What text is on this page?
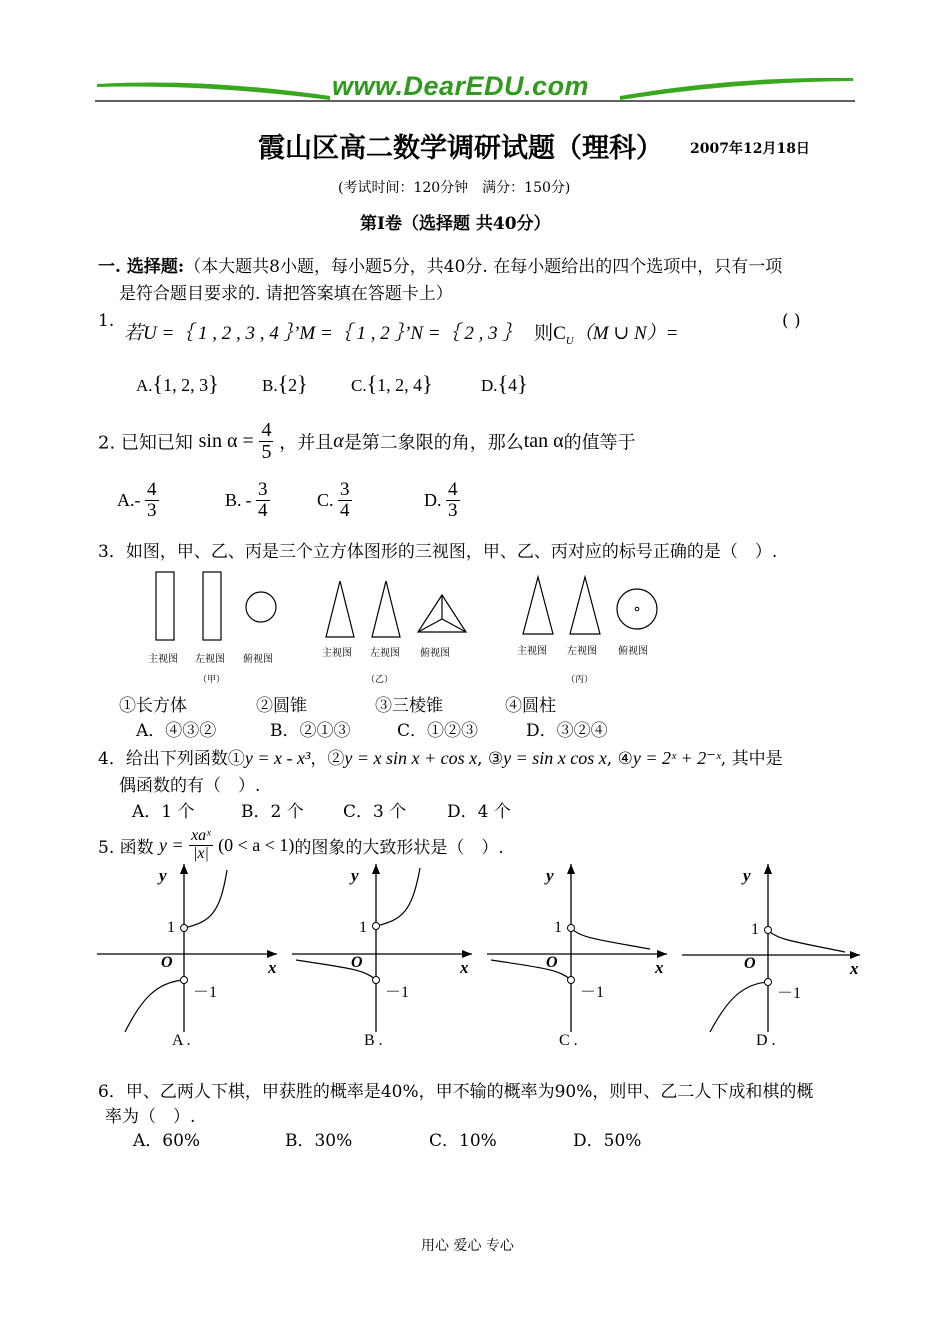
www.DearEDU.com
霞山区高二数学调研试题（理科） 2007年12月18日
(考试时间：120分钟　满分：150分)
第Ⅰ卷（选择题 共40分）
一. 选择题:（本大题共8小题，每小题5分，共40分. 在每小题给出的四个选项中，只有一项
是符合题目要求的. 请把答案填在答题卡上）
1.
若U =｛ 1 , 2 , 3 , 4 ｝’M =｛ 1 , 2 ｝’N =｛ 2 , 3 ｝ 则$C_U(M$ ∪ N）=
( )
A.{1, 2, 3}	B.{2}	C.{1, 2, 4}	D.{4}
2. 已知已知 $\sin \alpha = \frac{4}{5}$ ，并且α是第二象限的角，那么tan α的值等于
$A.- \frac{4}{3}$	B. - $\frac{3}{4}$	C. $\frac{3}{4}$	D. $\frac{4}{3}$
3．如图，甲、乙、丙是三个立方体图形的三视图，甲、乙、丙对应的标号正确的是（　）.
主视图 左视图 俯视图
主视图 左视图 俯视图	主视图 左视图 俯视图
（甲）	（乙）	（丙）
①长方体	②圆锥	③三棱锥	④圆柱
A．④③②	B．②①③	C．①②③	D．③②④
4．给出下列函数①y = x - x³，②y = x sin x + cos x, ③y = sin x cos x, ④y = 2ˣ + 2⁻ˣ, 其中是
偶函数的有（　）.
A．1 个	B．2 个 C．3 个 D．4 个
5. 函数 $y = \frac{\text{xaˣ}}{|x|} (0 < a < 1)$的图象的大致形状是（　）.
y
x
O
1
－1
A .
y
x
O
1
－1
B .
y
x
O
1
－1
C .
y
x
O
1
－1
D .
6．甲、乙两人下棋，甲获胜的概率是40%，甲不输的概率为90%，则甲、乙二人下成和棋的概
率为（　）.
A．60%	B．30%	C．10%	D．50%
用心 爱心 专心
